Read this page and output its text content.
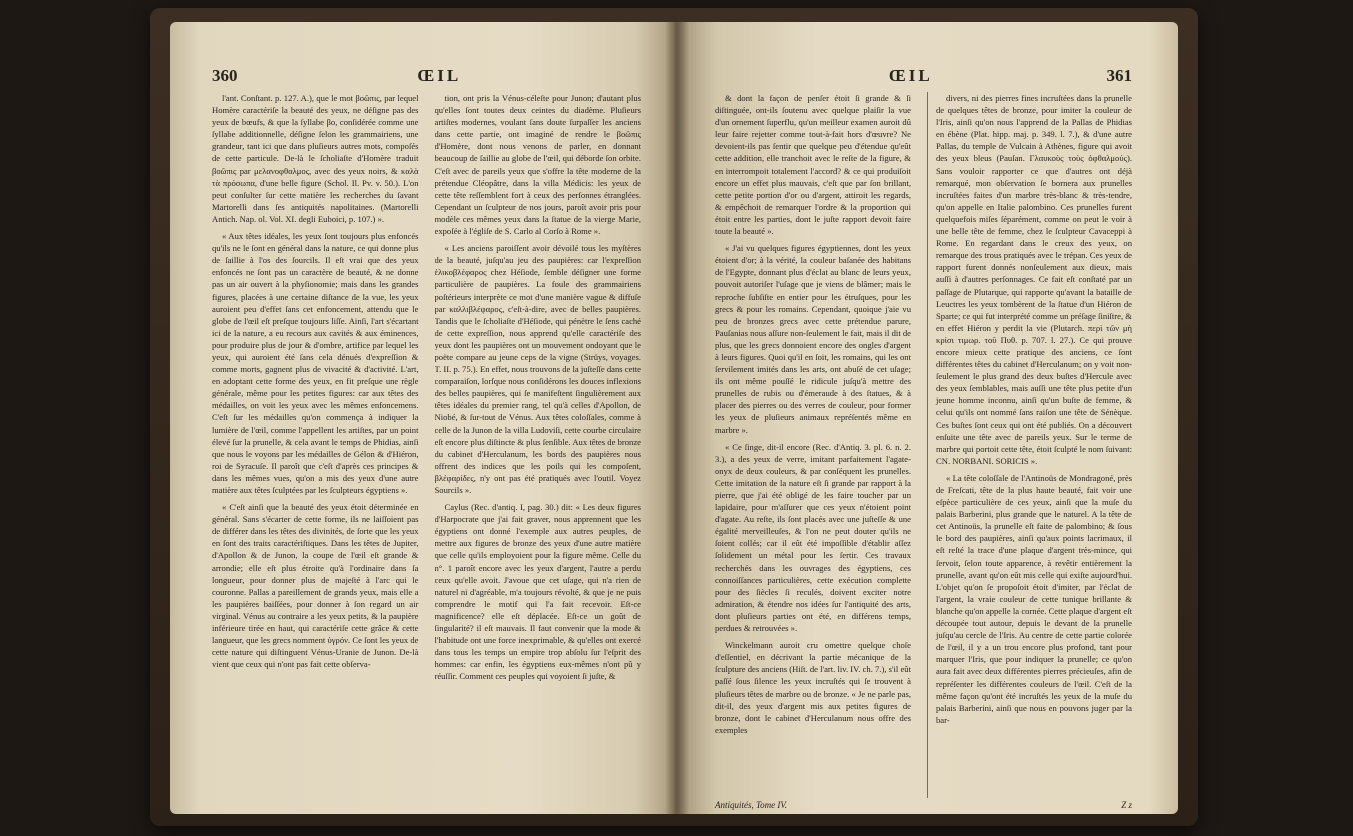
360	ŒIL

l'ant. Conſtant. p. 127. A.), que le mot βοῶπις, par lequel Homère caractériſe la beauté des yeux, ne déſigne pas des yeux de bœufs, & que la ſyllabe βο, conſidérée comme une ſyllabe additionnelle, déſigne ſelon les grammairiens, une grandeur, tant ici que dans pluſieurs autres mots, compoſés de cette particule. De-là le ſcholiaſte d'Homère traduit βοῶπις par μελανοφθαλμος, avec des yeux noirs, & καλὰ τὰ πρόσωπα, d'une belle figure (Schol. Il. Pv. v. 50.). L'on peut conſulter ſur cette matière les recherches du ſavant Martorelli dans ſes antiquités napolitaines. (Martorelli Antich. Nap. ol. Vol. XI. degli Euboici, p. 107.) ».

« Aux têtes idéales, les yeux ſont toujours plus enfoncés qu'ils ne le ſont en général dans la nature, ce qui donne plus de ſaillie à l'os des ſourcils. Il eſt vrai que des yeux enfoncés ne ſont pas un caractère de beauté, & ne donne pas un air ouvert à la phyſionomie; mais dans les grandes figures, placées à une certaine diſtance de la vue, les yeux auroient peu d'effet ſans cet enfoncement, attendu que le globe de l'œil eſt preſque toujours liſſe. Ainſi, l'art s'écartant ici de la nature, a eu recours aux cavités & aux éminences, pour produire plus de jour & d'ombre, artifice par lequel les yeux, qui auroient été ſans cela dénués d'expreſſion & comme morts, gagnent plus de vivacité & d'activité. L'art, en adoptant cette forme des yeux, en fit preſque une règle générale, même pour les petites figures: car aux têtes des médailles, on voit les yeux avec les mêmes enfoncemens. C'eſt ſur les médailles qu'on commença à indiquer la lumière de l'œil, comme l'appellent les artiſtes, par un point élevé ſur la prunelle, & cela avant le temps de Phidias, ainſi que nous le voyons par les médailles de Gélon & d'Hiéron, roi de Syracuſe. Il paroît que c'eſt d'après ces principes & dans les mêmes vues, qu'on a mis des yeux d'une autre matière aux têtes ſculptées par les ſculpteurs égyptiens ».

« C'eſt ainſi que la beauté des yeux étoit déterminée en général. Sans s'écarter de cette forme, ils ne laiſſoient pas de différer dans les têtes des divinités, de ſorte que les yeux en ſont des traits caractériſtiques. Dans les têtes de Jupiter, d'Apollon & de Junon, la coupe de l'œil eſt grande & arrondie; elle eſt plus étroite qu'à l'ordinaire dans ſa longueur, pour donner plus de majeſté à l'arc qui le couronne. Pallas a pareillement de grands yeux, mais elle a les paupières baiſſées, pour donner à ſon regard un air virginal. Vénus au contraire a les yeux petits, & la paupière inférieure tirée en haut, qui caractériſe cette grâce & cette langueur, que les grecs nomment ὑγρόν. Ce ſont les yeux de cette nature qui diſtinguent Vénus-Uranie de Junon. De-là vient que ceux qui n'ont pas fait cette obſerva-

tion, ont pris la Vénus-céleſte pour Junon; d'autant plus qu'elles ſont toutes deux ceintes du diadème. Pluſieurs artiſtes modernes, voulant ſans doute ſurpaſſer les anciens dans cette partie, ont imaginé de rendre le βοῶπις d'Homère, dont nous venons de parler, en donnant beaucoup de ſaillie au globe de l'œil, qui déborde ſon orbite. C'eſt avec de pareils yeux que s'offre la tête moderne de la prétendue Cléopâtre, dans la villa Médicis: les yeux de cette tête reſſemblent fort à ceux des perſonnes étranglées. Cependant un ſculpteur de nos jours, paroît avoir pris pour modèle ces mêmes yeux dans la ſtatue de la vierge Marie, expoſée à l'égliſe de S. Carlo al Corſo à Rome ».

« Les anciens paroiſſent avoir dévoilé tous les myſtères de la beauté, juſqu'au jeu des paupières: car l'expreſſion ἑλικοβλέφαρος chez Héſiode, ſemble déſigner une forme particulière de paupières. La foule des grammairiens poſtérieurs interprète ce mot d'une manière vague & diffuſe par καλλιβλέφαρος, c'eſt-à-dire, avec de belles paupières. Tandis que le ſcholiaſte d'Héſiode, qui pénètre le ſens caché de cette expreſſion, nous apprend qu'elle caractériſe des yeux dont les paupières ont un mouvement ondoyant que le poëte compare au jeune ceps de la vigne (Strüys, voyages. T. II. p. 75.). En effet, nous trouvons de la juſteſſe dans cette comparaiſon, lorſque nous conſidérons les douces inflexions des belles paupières, qui ſe manifeſtent ſingulièrement aux têtes idéales du premier rang, tel qu'à celles d'Apollon, de Niobé, & ſur-tout de Vénus. Aux têtes coloſſales, comme à celle de la Junon de la villa Ludoviſi, cette courbe circulaire eſt encore plus diſtincte & plus ſenſible. Aux têtes de bronze du cabinet d'Herculanum, les bords des paupières nous offrent des indices que les poils qui les compoſent, βλέφαρίδες, n'y ont pas été pratiqués avec l'outil. Voyez Sourcils ».

Caylus (Rec. d'antiq. I, pag. 30.) dit: « Les deux figures d'Harpocrate que j'ai fait graver, nous apprennent que les égyptiens ont donné l'exemple aux autres peuples, de mettre aux figures de bronze des yeux d'une autre matière que celle qu'ils employoient pour la figure même. Celle du n°. 1 paroît encore avec les yeux d'argent, l'autre a perdu ceux qu'elle avoit. J'avoue que cet uſage, qui n'a rien de naturel ni d'agréable, m'a toujours révolté, & que je ne puis comprendre le motif qui l'a fait recevoir. Eſt-ce magnificence? elle eſt déplacée. Eſt-ce un goût de ſingularité? il eſt mauvais. Il faut convenir que la mode & l'habitude ont une force inexprimable, & qu'elles ont exercé dans tous les temps un empire trop abſolu ſur l'eſprit des hommes: car enfin, les égyptiens eux-mêmes n'ont pû y réuſſir. Comment ces peuples qui voyoient ſi juſte, &

ŒIL	361

& dont la façon de penſer étoit ſi grande & ſi diſtinguée, ont-ils ſoutenu avec quelque plaiſir la vue d'un ornement ſuperflu, qu'un meilleur examen auroit dû leur faire rejetter comme tout-à-fait hors d'œuvre? Ne devoient-ils pas ſentir que quelque peu d'étendue qu'eût cette addition, elle tranchoit avec le reſte de la figure, & en interrompoit totalement l'accord? & ce qui produiſoit encore un effet plus mauvais, c'eſt que par ſon brillant, cette petite portion d'or ou d'argent, attiroit les regards, & empêchoit de remarquer l'ordre & la proportion qui étoit entre les parties, dont le juſte rapport devoit faire toute la beauté ».

« J'ai vu quelques figures égyptiennes, dont les yeux étoient d'or; à la vérité, la couleur baſanée des habitans de l'Egypte, donnant plus d'éclat au blanc de leurs yeux, pouvoit autoriſer l'uſage que je viens de blâmer; mais le reproche ſubſiſte en entier pour les étruſques, pour les grecs & pour les romains. Cependant, quoique j'aie vu peu de bronzes grecs avec cette prétendue parure, Pauſanias nous aſſure non-ſeulement le fait, mais il dit de plus, que les grecs donnoient encore des ongles d'argent à leurs figures. Quoi qu'il en ſoit, les romains, qui les ont ſervilement imités dans les arts, ont abuſé de cet uſage; ils ont même pouſſé le ridicule juſqu'à mettre des prunelles de rubis ou d'émeraude à des ſtatues, & à placer des pierres ou des verres de couleur, pour former les yeux de pluſieurs animaux repréſentés même en marbre ».

« Ce ſinge, dit-il encore (Rec. d'Antiq. 3. pl. 6. n. 2. 3.), a des yeux de verre, imitant parfaitement l'agate-onyx de deux couleurs, & par conſéquent les prunelles. Cette imitation de la nature eſt ſi grande par rapport à la pierre, que j'ai été obligé de les faire toucher par un lapidaire, pour m'aſſurer que ces yeux n'étoient point d'agate. Au reſte, ils ſont placés avec une juſteſſe & une égalité merveilleuſes, & l'on ne peut douter qu'ils ne ſoient collés; car il eût été impoſſible d'établir aſſez ſolidement un métal pour les ſertir. Ces travaux recherchés dans les ouvrages des égyptiens, ces connoiſſances particulières, cette exécution complette pour des ſiècles ſi reculés, doivent exciter notre admiration, & étendre nos idées ſur l'antiquité des arts, dont pluſieurs parties ont été, en différens temps, perdues & retrouvées ».

Winckelmann auroit cru omettre quelque choſe d'eſſentiel, en décrivant la partie mécanique de la ſculpture des anciens (Hiſt. de l'art. liv. IV. ch. 7.), s'il eût paſſé ſous ſilence les yeux incruſtés qui ſe trouvent à pluſieurs têtes de marbre ou de bronze. « Je ne parle pas, dit-il, des yeux d'argent mis aux petites figures de bronze, dont le cabinet d'Herculanum nous offre des exemples

divers, ni des pierres fines incruſtées dans la prunelle de quelques têtes de bronze, pour imiter la couleur de l'Iris, ainſi qu'on nous l'apprend de la Pallas de Phidias en ébène (Plat. hipp. maj. p. 349. l. 7.), & d'une autre Pallas, du temple de Vulcain à Athènes, figure qui avoit des yeux bleus (Pauſan. Γλαυκοὺς τοὺς ὀφθαλμούς). Sans vouloir rapporter ce que d'autres ont déjà remarqué, mon obſervation ſe bornera aux prunelles incruſtées faites d'un marbre très-blanc & très-tendre, qu'on appelle en Italie palombino. Ces prunelles furent quelquefois miſes ſéparément, comme on peut le voir à une belle tête de femme, chez le ſculpteur Cavaceppi à Rome. En regardant dans le creux des yeux, on remarque des trous pratiqués avec le trépan. Ces yeux de rapport furent donnés nonſeulement aux dieux, mais auſſi à d'autres perſonnages. Ce fait eſt conſtaté par un paſſage de Plutarque, qui rapporte qu'avant la bataille de Leuctres les yeux tombèrent de la ſtatue d'un Hiéron de Sparte; ce qui fut interprété comme un préſage ſiniſtre, & en effet Hiéron y perdit la vie (Plutarch. περὶ τῶν μὴ κρίσι τιμωρ. τοῦ Πυθ. p. 707. l. 27.). Ce qui prouve encore mieux cette pratique des anciens, ce ſont différentes têtes du cabinet d'Herculanum; on y voit non-ſeulement le plus grand des deux buſtes d'Hercule avec des yeux ſemblables, mais auſſi une tête plus petite d'un jeune homme inconnu, ainſi qu'un buſte de femme, & celui qu'ils ont nommé ſans raiſon une tête de Sénèque. Ces buſtes ſont ceux qui ont été publiés. On a découvert enſuite une tête avec de pareils yeux. Sur le terme de marbre qui portoit cette tête, étoit ſculpté le nom ſuivant: CN. NORBANI. SORICIS ».

« La tête coloſſale de l'Antinoüs de Mondragoné, près de Freſcati, tête de la plus haute beauté, fait voir une eſpèce particulière de ces yeux, ainſi que la muſe du palais Barberini, plus grande que le naturel. A la tête de cet Antinoüs, la prunelle eſt faite de palombino; & ſous le bord des paupières, ainſi qu'aux points lacrimaux, il eſt reſté la trace d'une plaque d'argent très-mince, qui ſervoit, ſelon toute apparence, à revêtir entièrement la prunelle, avant qu'on eût mis celle qui exiſte aujourd'hui. L'objet qu'on ſe propoſoit étoit d'imiter, par l'éclat de l'argent, la vraie couleur de cette tunique brillante & blanche qu'on appelle la cornée. Cette plaque d'argent eſt découpée tout autour, depuis le devant de la prunelle juſqu'au cercle de l'Iris. Au centre de cette partie colorée de l'œil, il y a un trou encore plus profond, tant pour marquer l'Iris, que pour indiquer la prunelle; ce qu'on aura fait avec deux différentes pierres précieuſes, afin de repréſenter les différentes couleurs de l'œil. C'eſt de la même façon qu'ont été incruſtés les yeux de la muſe du palais Barberini, ainſi que nous en pouvons juger par la bar-

Antiquités, Tome IV.	Z z
